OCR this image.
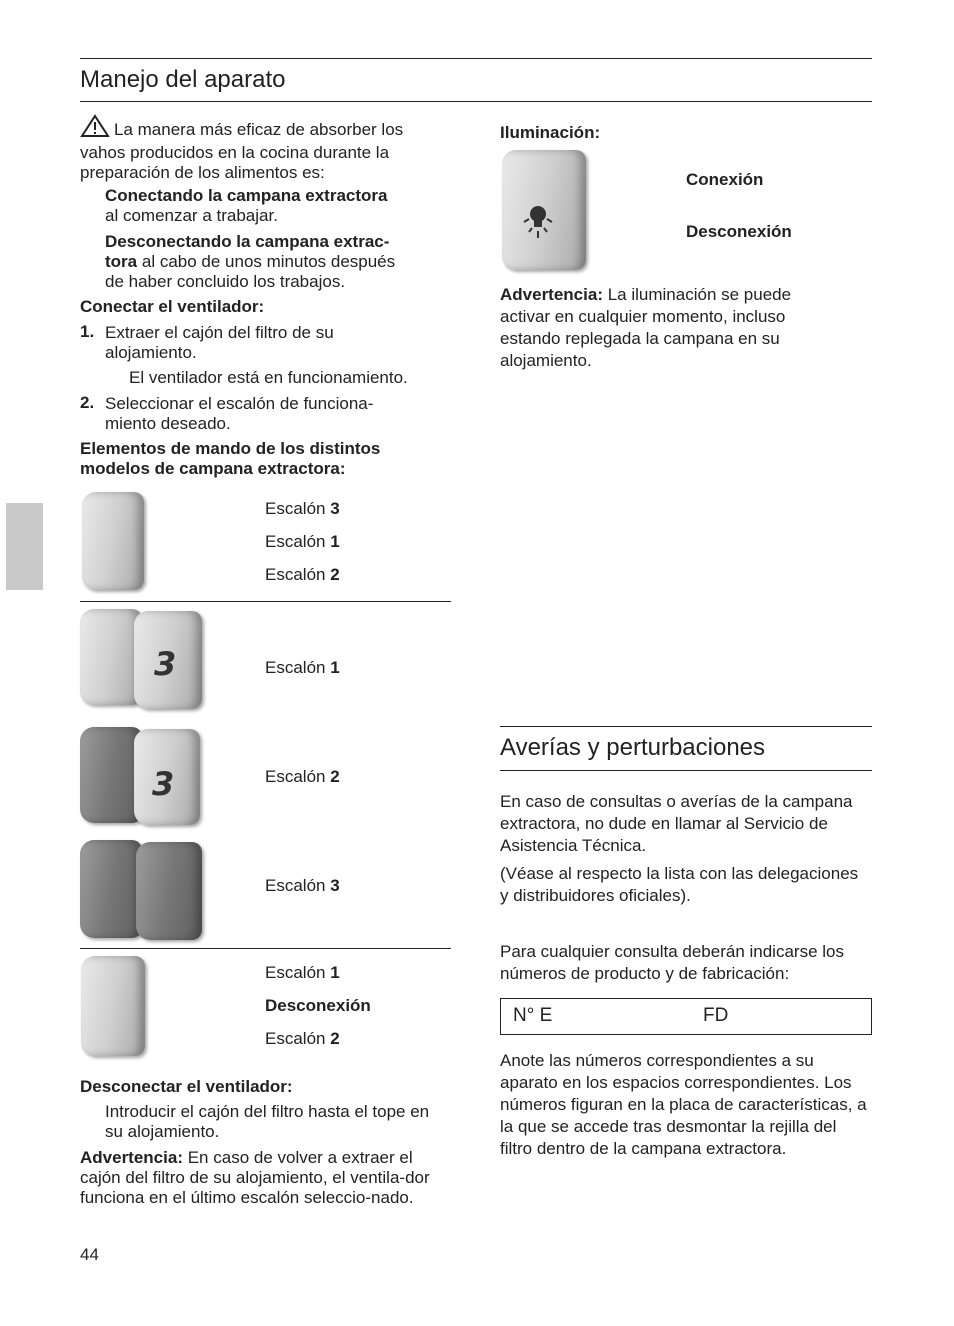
Manejo del aparato
La manera más eficaz de absorber los vahos producidos en la cocina durante la preparación de los alimentos es:

Conectando la campana extractora

al comenzar a trabajar.

Desconectando la campana extrac-

tora al cabo de unos minutos después

de haber concluido los trabajos.

Conectar el ventilador:

1. Extraer el cajón del filtro de su alojamiento.

El ventilador está en funcionamiento.

2. Seleccionar el escalón de funciona-miento deseado.

Elementos de mando de los distintos modelos de campana extractora:

Escalón 3

Escalón 1

Escalón 2

3	Escalón 1

3	Escalón 2

Escalón 3

Escalón 1

Desconexión

Escalón 2

Desconectar el ventilador:

Introducir el cajón del filtro hasta el tope en su alojamiento.

Advertencia: En caso de volver a extraer el cajón del filtro de su alojamiento, el ventila-dor funciona en el último escalón seleccio-nado.

44

Iluminación:

Conexión

Desconexión

Advertencia: La iluminación se puede activar en cualquier momento, incluso estando replegada la campana en su alojamiento.

Averías y perturbaciones

En caso de consultas o averías de la campana extractora, no dude en llamar al Servicio de Asistencia Técnica.

(Véase al respecto la lista con las delegaciones y distribuidores oficiales).

Para cualquier consulta deberán indicarse los números de producto y de fabricación:

N° E	FD

Anote las números correspondientes a su aparato en los espacios correspondientes. Los números figuran en la placa de características, a la que se accede tras desmontar la rejilla del filtro dentro de la campana extractora.
